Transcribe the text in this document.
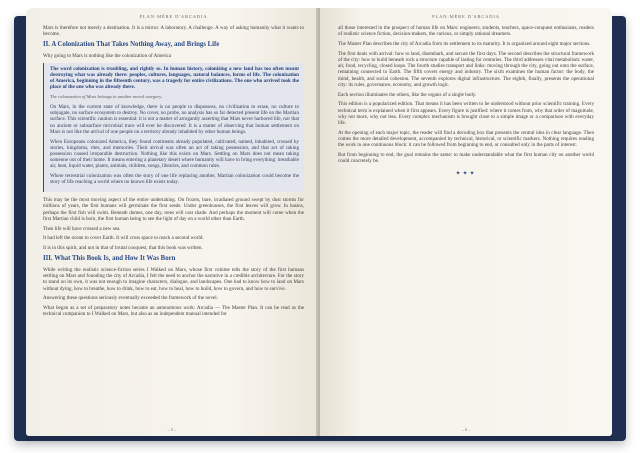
PLAN·MÈRE D'ARCADIA

Mars is therefore not merely a destination. It is a mirror. A laboratory. A challenge. A way of asking humanity what it wants to become.

II. A Colonization That Takes Nothing Away, and Brings Life

Why going to Mars is nothing like the colonization of America

The word colonization is troubling, and rightly so. In human history, colonizing a new land has too often meant destroying what was already there: peoples, cultures, languages, natural balances, forms of life. The colonization of America, beginning in the fifteenth century, was a tragedy for entire civilizations. The one who arrived took the place of the one who was already there.

The colonization of Mars belongs to another moral category.

On Mars, in the current state of knowledge, there is no people to dispossess, no civilization to erase, no culture to subjugate, no surface ecosystem to destroy. No cover, no probe, no analysis has so far detected present life on the Martian surface. This scientific caution is essential: it is not a matter of arrogantly asserting that Mars never harbored life, nor that no ancient or subsurface microbial trace will ever be discovered. It is a matter of observing that human settlement on Mars is not like the arrival of one people on a territory already inhabited by other human beings.

When Europeans colonized America, they found continents already populated, cultivated, named, inhabited, crossed by stories, kingdoms, rites, and memories. Their arrival was often an act of taking possession, and that act of taking possession caused irreparable destruction. Nothing like this exists on Mars. Settling on Mars does not mean taking someone out of their home. It means entering a planetary desert where humanity will have to bring everything: breathable air, heat, liquid water, plants, animals, children, songs, libraries, and common rules.

Where terrestrial colonization was often the story of one life replacing another, Martian colonization could become the story of life reaching a world where no known life exists today.

This may be the most moving aspect of the entire undertaking. On frozen, bare, irradiated ground swept by dust storms for millions of years, the first humans will germinate the first seeds. Under greenhouses, the first leaves will grow. In basins, perhaps the first fish will swim. Beneath domes, one day, trees will cast shade. And perhaps the moment will come when the first Martian child is born, the first human being to see the light of day on a world other than Earth.

Then life will have crossed a new sea.

It had left the ocean to cover Earth. It will cross space to reach a second world.

It is in this spirit, and not in that of brutal conquest, that this book was written.

III. What This Book Is, and How It Was Born

While writing the realistic science-fiction series I Walked on Mars, whose first volume tells the story of the first humans settling on Mars and founding the city of Arcadia, I felt the need to anchor the narrative in a credible architecture. For the story to stand on its own, it was not enough to imagine characters, dialogue, and landscapes. One had to know how to land on Mars without dying, how to breathe, how to drink, how to eat, how to heal, how to build, how to govern, and how to survive.

Answering these questions seriously eventually exceeded the framework of the novel.

What began as a set of preparatory notes became an autonomous work: Arcadia — The Master Plan. It can be read as the technical companion to I Walked on Mars, but also as an independent manual intended for

– 5 –
PLAN·MÈRE D'ARCADIA

all those interested in the prospect of human life on Mars: engineers, students, teachers, space-conquest enthusiasts, readers of realistic science fiction, decision-makers, the curious, or simply rational dreamers.

The Master Plan describes the city of Arcadia from its settlement to its maturity. It is organized around eight major sections.

The first deals with arrival: how to land, disembark, and secure the first days. The second describes the structural framework of the city: how to build beneath rock a structure capable of lasting for centuries. The third addresses vital metabolism: water, air, food, recycling, closed loops. The fourth studies transport and links: moving through the city, going out onto the surface, remaining connected to Earth. The fifth covers energy and industry. The sixth examines the human factor: the body, the mind, health, and social cohesion. The seventh explores digital infrastructure. The eighth, finally, presents the operational city: its rules, governance, economy, and growth logic.

Each section illuminates the others, like the organs of a single body.

This edition is a popularized edition. That means it has been written to be understood without prior scientific training. Every technical term is explained when it first appears. Every figure is justified: where it comes from, why that order of magnitude, why not more, why not less. Every complex mechanism is brought close to a simple image or a comparison with everyday life.

At the opening of each major topic, the reader will find a decoding box that presents the central idea in clear language. Then comes the more detailed development, accompanied by technical, historical, or scientific markers. Nothing requires reading the work in one continuous block: it can be followed from beginning to end, or consulted only in the parts of interest.

But from beginning to end, the goal remains the same: to make understandable what the first human city on another world could concretely be.

✦✦✦
– 6 –
